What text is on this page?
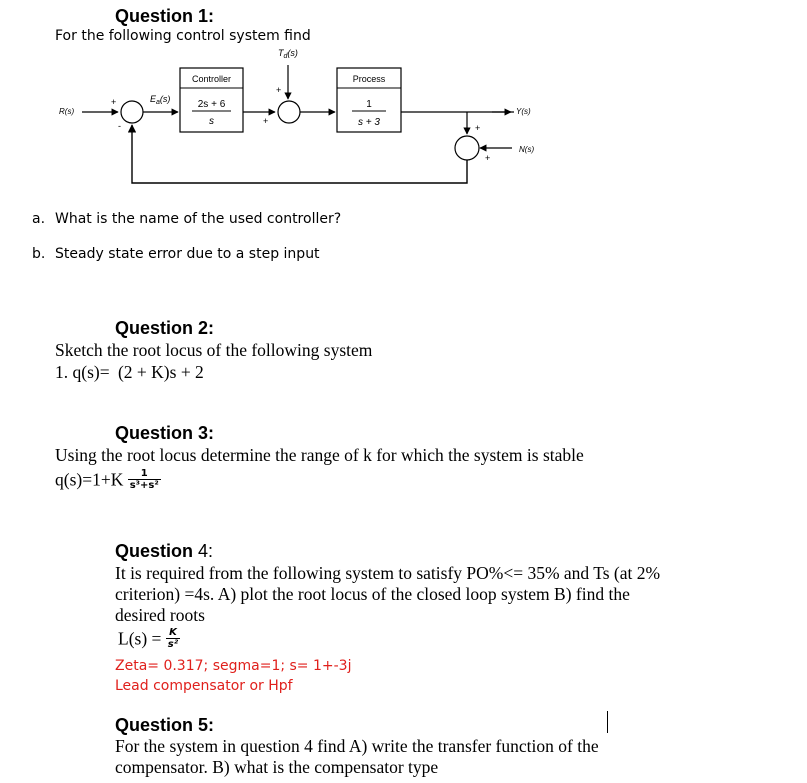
Question 1:
For the following control system find
$T_d(s)$
R(s)
+
-
$E_a(s)$
Controller
2s + 6
s	+
+
Process
1
s + 3
Y(s)
+
+
N(s)
a. What is the name of the used controller?
b. Steady state error due to a step input
Question 2:
Sketch the root locus of the following system
1. q(s)= (2 + K)s + 2
Question 3:
Using the root locus determine the range of k for which the system is stable
$q(s)=1+K \frac{1}{\text{s³+s²}}$
Question 4:
It is required from the following system to satisfy PO%<= 35% and Ts (at 2%
criterion) =4s. A) plot the root locus of the closed loop system B) find the
desired roots
$L(s) = \frac{K}{\text{s²}}$
Zeta= 0.317; segma=1; s= 1+-3j
Lead compensator or Hpf
Question 5:
For the system in question 4 find A) write the transfer function of the
compensator. B) what is the compensator type
